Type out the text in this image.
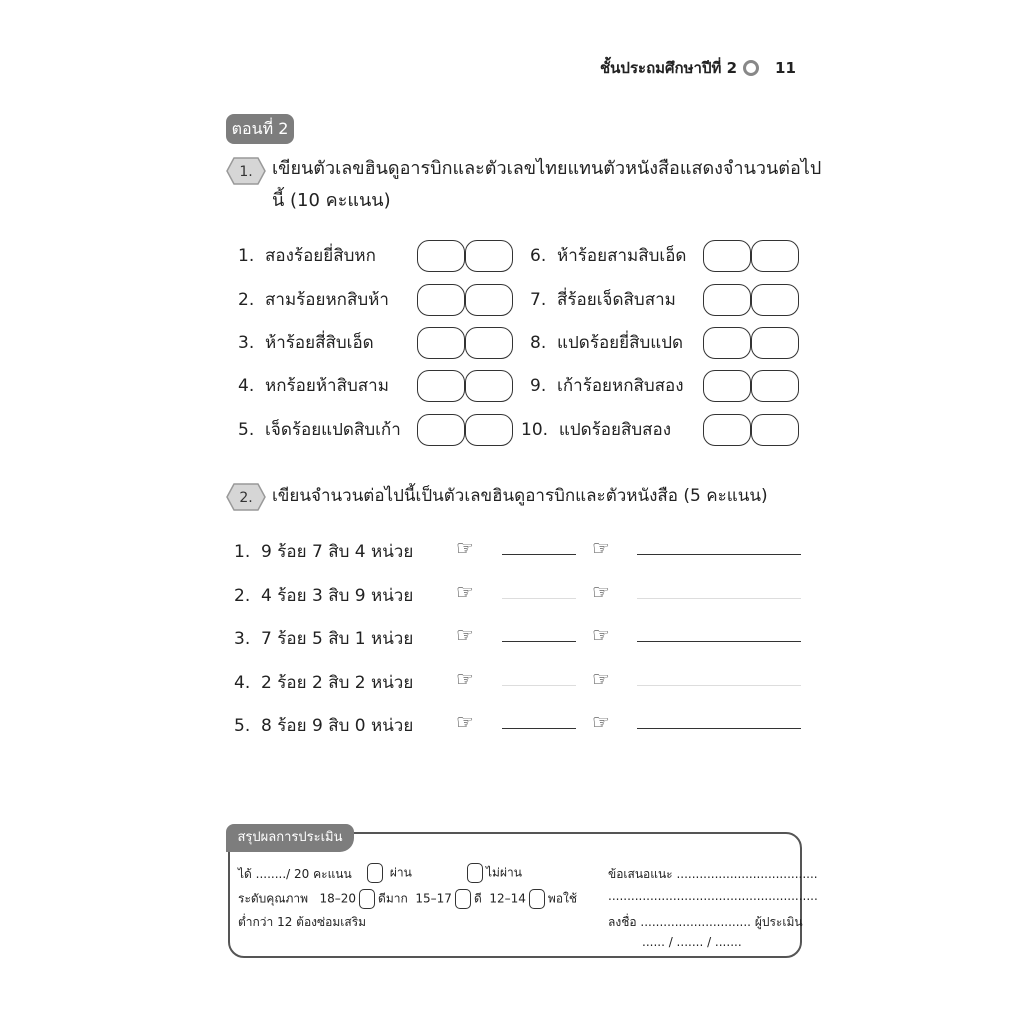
ชั้นประถมศึกษาปีที่ 2	11
ตอนที่ 2
1. เขียนตัวเลขฮินดูอารบิกและตัวเลขไทยแทนตัวหนังสือแสดงจำนวนต่อไป
นี้ (10 คะแนน)
1. สองร้อยยี่สิบหก
2. สามร้อยหกสิบห้า
3. ห้าร้อยสี่สิบเอ็ด
4. หกร้อยห้าสิบสาม
5. เจ็ดร้อยแปดสิบเก้า
6. ห้าร้อยสามสิบเอ็ด
7. สี่ร้อยเจ็ดสิบสาม
8. แปดร้อยยี่สิบแปด
9. เก้าร้อยหกสิบสอง
10. แปดร้อยสิบสอง
2. เขียนจำนวนต่อไปนี้เป็นตัวเลขฮินดูอารบิกและตัวหนังสือ (5 คะแนน)
1. 9 ร้อย 7 สิบ 4 หน่วย
2. 4 ร้อย 3 สิบ 9 หน่วย
3. 7 ร้อย 5 สิบ 1 หน่วย
4. 2 ร้อย 2 สิบ 2 หน่วย
5. 8 ร้อย 9 สิบ 0 หน่วย
☞	☞
☞	☞
☞	☞
☞	☞
☞	☞
สรุปผลการประเมิน
ได้ ......../ 20 คะแนน	ผ่าน	ไม่ผ่าน
ระดับคุณภาพ 18–20 ดีมาก 15–17 ดี 12–14 พอใช้
ต่ำกว่า 12 ต้องซ่อมเสริม
ข้อเสนอแนะ .....................................
.......................................................
ลงชื่อ ............................. ผู้ประเมิน
...... / ....... / .......
